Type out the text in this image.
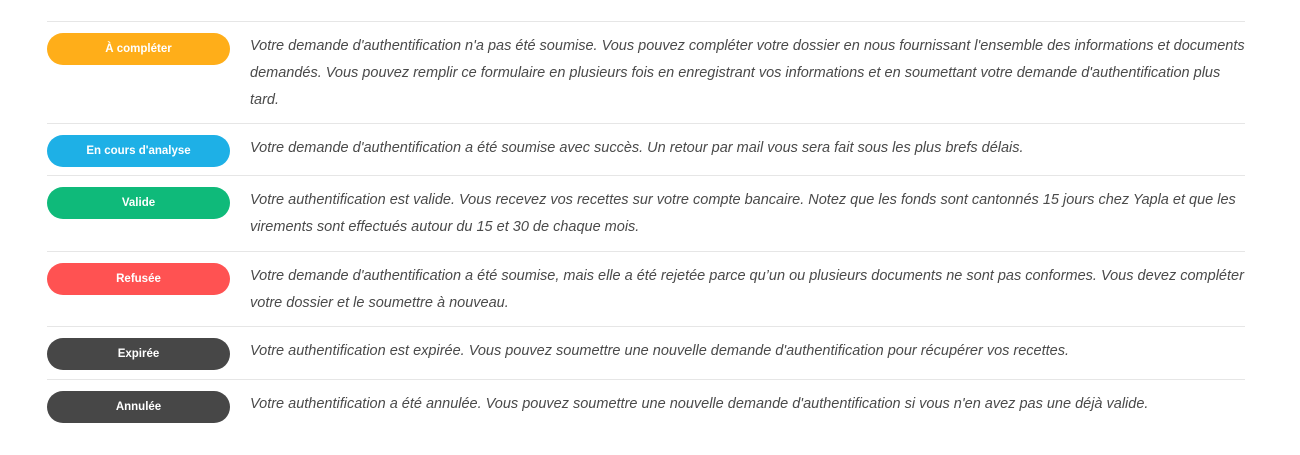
À compléter	Votre demande d'authentification n'a pas été soumise. Vous pouvez compléter votre dossier en nous fournissant l'ensemble des informations et documents demandés. Vous pouvez remplir ce formulaire en plusieurs fois en enregistrant vos informations et en soumettant votre demande d'authentification plus tard.
En cours d'analyse	Votre demande d'authentification a été soumise avec succès. Un retour par mail vous sera fait sous les plus brefs délais.
Valide	Votre authentification est valide. Vous recevez vos recettes sur votre compte bancaire. Notez que les fonds sont cantonnés 15 jours chez Yapla et que les virements sont effectués autour du 15 et 30 de chaque mois.
Refusée	Votre demande d'authentification a été soumise, mais elle a été rejetée parce qu’un ou plusieurs documents ne sont pas conformes. Vous devez compléter votre dossier et le soumettre à nouveau.
Expirée	Votre authentification est expirée. Vous pouvez soumettre une nouvelle demande d'authentification pour récupérer vos recettes.
Annulée	Votre authentification a été annulée. Vous pouvez soumettre une nouvelle demande d'authentification si vous n'en avez pas une déjà valide.
